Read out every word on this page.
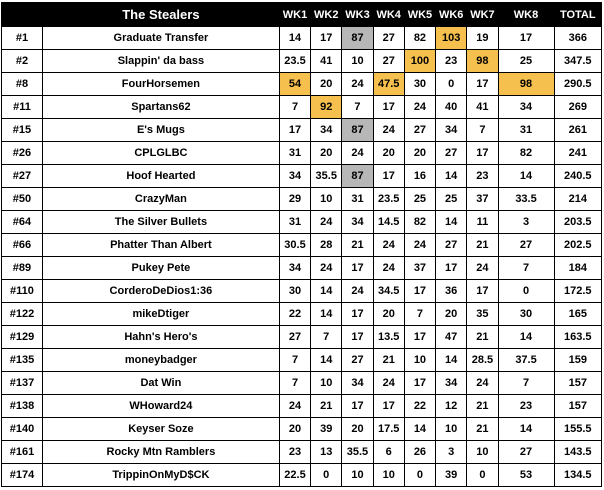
	The Stealers	WK1	WK2	WK3	WK4	WK5	WK6	WK7	WK8	TOTAL
#1	Graduate Transfer	14	17	87	27	82	103	19	17	366
#2	Slappin' da bass	23.5	41	10	27	100	23	98	25	347.5
#8	FourHorsemen	54	20	24	47.5	30	0	17	98	290.5
#11	Spartans62	7	92	7	17	24	40	41	34	269
#15	E's Mugs	17	34	87	24	27	34	7	31	261
#26	CPLGLBC	31	20	24	20	20	27	17	82	241
#27	Hoof Hearted	34	35.5	87	17	16	14	23	14	240.5
#50	CrazyMan	29	10	31	23.5	25	25	37	33.5	214
#64	The Silver Bullets	31	24	34	14.5	82	14	11	3	203.5
#66	Phatter Than Albert	30.5	28	21	24	24	27	21	27	202.5
#89	Pukey Pete	34	24	17	24	37	17	24	7	184
#110	CorderoDeDios1:36	30	14	24	34.5	17	36	17	0	172.5
#122	mikeDtiger	22	14	17	20	7	20	35	30	165
#129	Hahn's Hero's	27	7	17	13.5	17	47	21	14	163.5
#135	moneybadger	7	14	27	21	10	14	28.5	37.5	159
#137	Dat Win	7	10	34	24	17	34	24	7	157
#138	WHoward24	24	21	17	17	22	12	21	23	157
#140	Keyser Soze	20	39	20	17.5	14	10	21	14	155.5
#161	Rocky Mtn Ramblers	23	13	35.5	6	26	3	10	27	143.5
#174	TrippinOnMyD$CK	22.5	0	10	10	0	39	0	53	134.5
